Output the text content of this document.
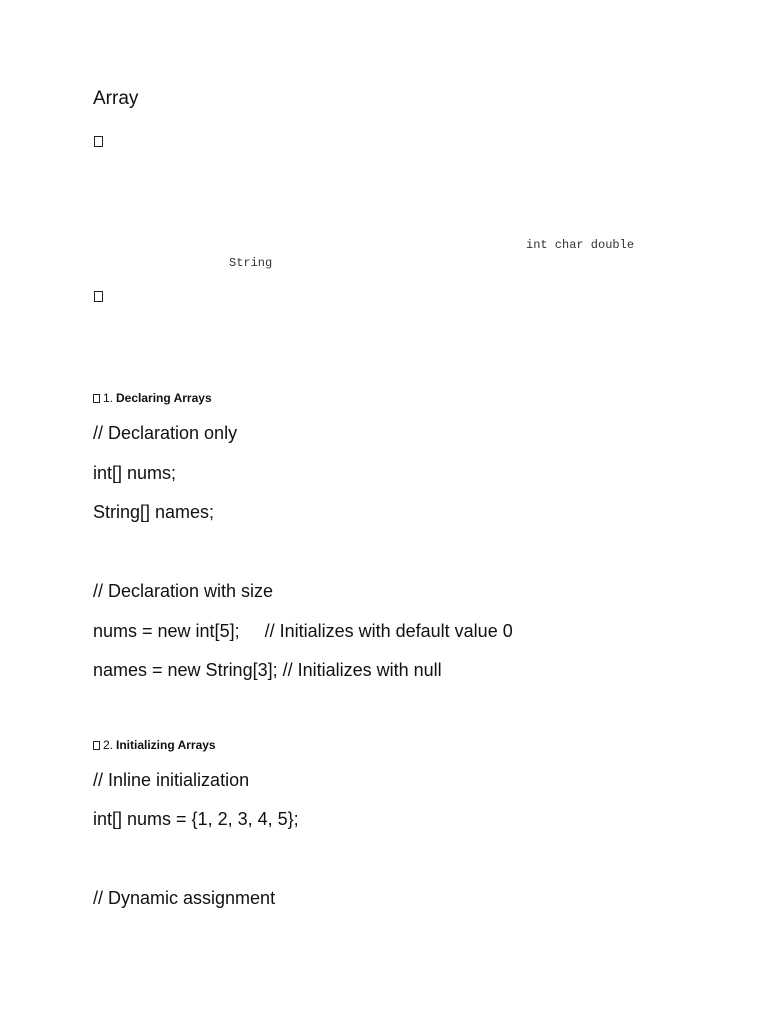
Array
int char double
String
1. Declaring Arrays
// Declaration only
int[] nums;
String[] names;
// Declaration with size
nums = new int[5];     // Initializes with default value 0
names = new String[3]; // Initializes with null
2. Initializing Arrays
// Inline initialization
int[] nums = {1, 2, 3, 4, 5};
// Dynamic assignment
